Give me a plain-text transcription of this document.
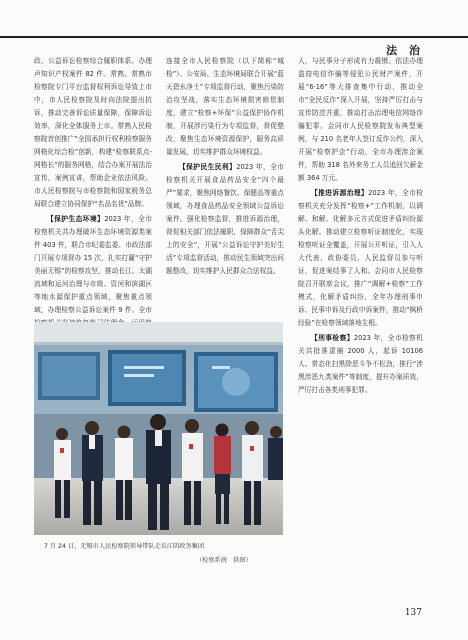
法 治

政、公益诉讼检察综合履职体系。办理声知识产权案件 82 件。常熟、常熟市检察院专门平台监督权利诉讼导致上市中，市人民检察院及时向法院提出抗诉，推动完善诉讼质量保障，保障诉讼效率，深化全体服务上市。常熟人民检察院首创推广“全国承担行权利检察服务网格化综合检”创新，构建“检察联系点-网格长”的服务网格，结合办案开展法治宣传，案例宣讲，帮助企业依法风险。市人民检察院与市检察院和国家税务总局联合建立协同保护“名品名优”品牌。

【保护生态环境】2023 年，全市检察机关共办理破坏生态环境资源类案件 403 件，联合市纪委监委、市政法部门开展专项督办 15 次，扎实打赢“守护美丽无锡”的检察攻坚，推动长江、太湖流域和运河治理与市级、资河和滨湖区等地水源保护重点领域，聚焦重点领域，办理检察公益诉讼案件 9 件。全市

连接全市人民检察院（以下简称“城检”）、公安局、生态环境局联合开展“蓝天碧水净土”专项监督行动，聚焦污染防治攻坚战，落实生态环境损害赔偿制度，建立“检察+环保”公益保护协作机制，开展涉污染行为专项监督，督促整改，聚焦生态环境资源保护，服务高质量发展，切实维护群众环境权益。

【保护民生民利】2023 年，全市检察机关开展食品药品安全“四个最严”要求，聚焦网络餐饮、保健品等重点领域，办理食品药品安全领域公益诉讼案件。强化检察监督，推进诉源治理，督促相关部门依法履职，保障群众“舌尖上的安全”，开展“公益诉讼守护美好生活”专项监督活动，推动民生领域突出问题整改，切实维护人民群众合法权益。

人，与民事分子形成有力震慑。依法办理盗窃电信诈骗等侵犯公民财产案件，开展“6·16”等大排查集中行动，推动全市“全民反诈”深入开展，坚持严厉打击与宣传防范并重，推动打击治理电信网络诈骗犯罪。会同市人民检察院发布典型案例，与 210 名老年人签订反诈公约，深入开展“检察护企”行动，全市办理涉企案件，帮助 318 名外来务工人员追回欠薪金额 364 万元。

【推进诉源治理】2023 年，全市检察机关充分发挥“检察+”工作机制，以调解、和解、化解多元方式促进矛盾纠纷源头化解。推动建立检察听证制度化，实现检察听证全覆盖，开展公开听证，引入人大代表、政协委员、人民监督员参与听证，促进案结事了人和。会同市人民检察院召开联席会议，推广“调解+检察”工作模式，化解矛盾纠纷，全年办理刑事申诉、民事申诉及行政申诉案件，推动“枫桥经验”在检察领域落地生根。

【刑事检察】2023 年，全市检察机关共批准逮捕 2000 人，起诉 10106 人。常态化扫黑除恶斗争不松劲，推行“涉黑涉恶九类案件”等制度，提升办案质效，严厉打击各类刑事犯罪。

7 月 24 日，无锡市人民检察院领导带队走访江阴政务集团
（检察系统　供图）
137
